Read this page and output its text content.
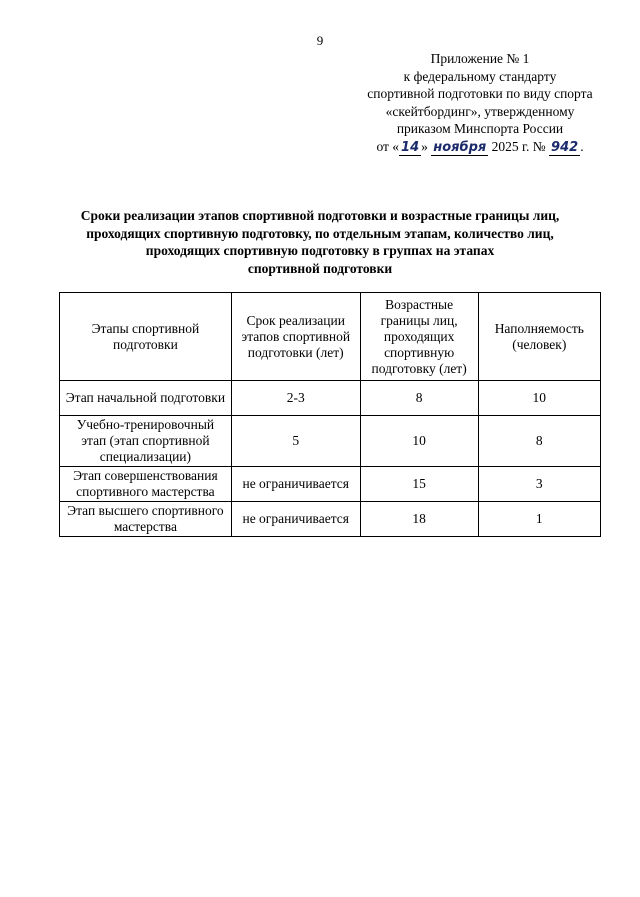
9
Приложение № 1
к федеральному стандарту
спортивной подготовки по виду спорта
«скейтбординг», утвержденному
приказом Минспорта России
от « 14 » ноября 2025 г. № 942 .
Сроки реализации этапов спортивной подготовки и возрастные границы лиц,
проходящих спортивную подготовку, по отдельным этапам, количество лиц,
проходящих спортивную подготовку в группах на этапах
спортивной подготовки
Этапы спортивной подготовки	Срок реализации этапов спортивной подготовки (лет)	Возрастные границы лиц, проходящих спортивную подготовку (лет)	Наполняемость (человек)
Этап начальной подготовки	2-3	8	10
Учебно-тренировочный этап (этап спортивной специализации)	5	10	8
Этап совершенствования спортивного мастерства	не ограничивается	15	3
Этап высшего спортивного мастерства	не ограничивается	18	1
